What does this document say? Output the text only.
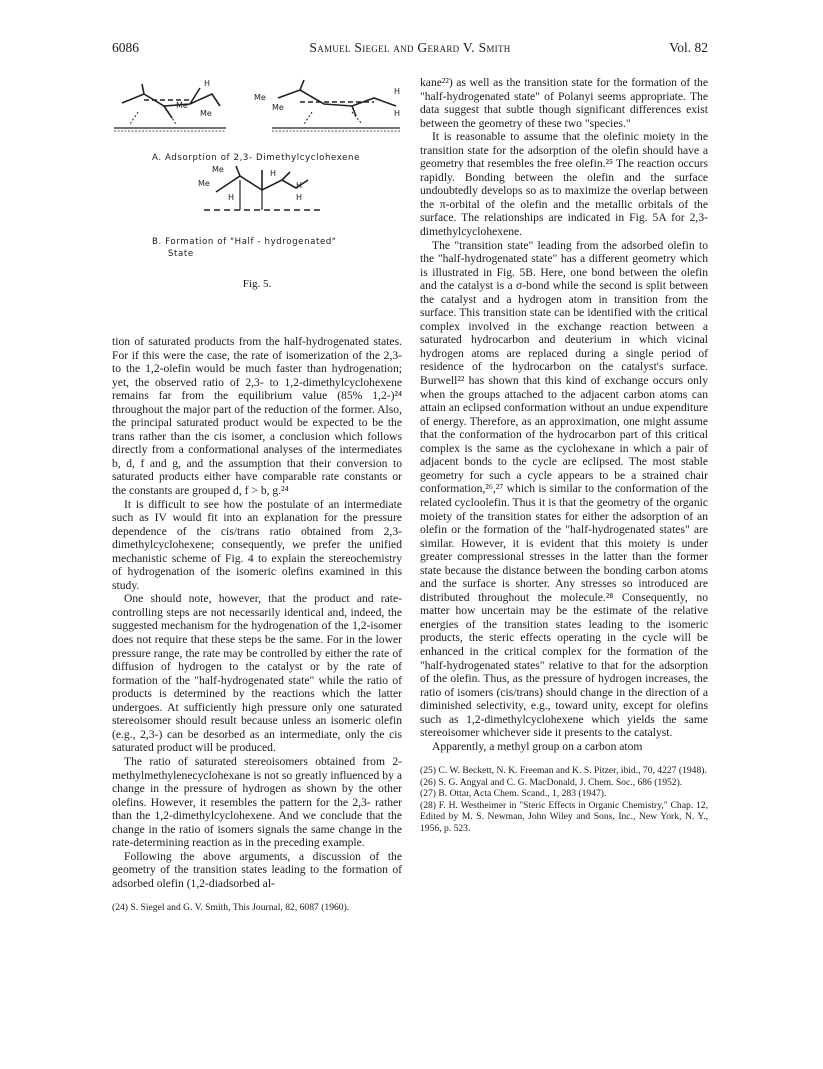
6086	Samuel Siegel and Gerard V. Smith	Vol. 82
H
Me
Me
Me
Me
H
H
Me
Me
H
H
H
H
A. Adsorption of 2,3- Dimethylcyclohexene
B. Formation of "Half - hydrogenated"
State
Fig. 5.

tion of saturated products from the half-hydrogenated states. For if this were the case, the rate of isomerization of the 2,3- to the 1,2-olefin would be much faster than hydrogenation; yet, the observed ratio of 2,3- to 1,2-dimethylcyclohexene remains far from the equilibrium value (85% 1,2-)²⁴ throughout the major part of the reduction of the former. Also, the principal saturated product would be expected to be the trans rather than the cis isomer, a conclusion which follows directly from a conformational analyses of the intermediates b, d, f and g, and the assumption that their conversion to saturated products either have comparable rate constants or the constants are grouped d, f > b, g.²⁴

It is difficult to see how the postulate of an intermediate such as IV would fit into an explanation for the pressure dependence of the cis/trans ratio obtained from 2,3-dimethylcyclohexene; consequently, we prefer the unified mechanistic scheme of Fig. 4 to explain the stereochemistry of hydrogenation of the isomeric olefins examined in this study.

One should note, however, that the product and rate-controlling steps are not necessarily identical and, indeed, the suggested mechanism for the hydrogenation of the 1,2-isomer does not require that these steps be the same. For in the lower pressure range, the rate may be controlled by either the rate of diffusion of hydrogen to the catalyst or by the rate of formation of the "half-hydrogenated state" while the ratio of products is determined by the reactions which the latter undergoes. At sufficiently high pressure only one saturated stereoisomer should result because unless an isomeric olefin (e.g., 2,3-) can be desorbed as an intermediate, only the cis saturated product will be produced.

The ratio of saturated stereoisomers obtained from 2-methylmethylenecyclohexane is not so greatly influenced by a change in the pressure of hydrogen as shown by the other olefins. However, it resembles the pattern for the 2,3- rather than the 1,2-dimethylcyclohexene. And we conclude that the change in the ratio of isomers signals the same change in the rate-determining reaction as in the preceding example.

Following the above arguments, a discussion of the geometry of the transition states leading to the formation of adsorbed olefin (1,2-diadsorbed al-

(24) S. Siegel and G. V. Smith, This Journal, 82, 6087 (1960).

kane²²) as well as the transition state for the formation of the "half-hydrogenated state" of Polanyi seems appropriate. The data suggest that subtle though significant differences exist between the geometry of these two "species."

It is reasonable to assume that the olefinic moiety in the transition state for the adsorption of the olefin should have a geometry that resembles the free olefin.²⁵ The reaction occurs rapidly. Bonding between the olefin and the surface undoubtedly develops so as to maximize the overlap between the π-orbital of the olefin and the metallic orbitals of the surface. The relationships are indicated in Fig. 5A for 2,3-dimethylcyclohexene.

The "transition state" leading from the adsorbed olefin to the "half-hydrogenated state" has a different geometry which is illustrated in Fig. 5B. Here, one bond between the olefin and the catalyst is a σ-bond while the second is split between the catalyst and a hydrogen atom in transition from the surface. This transition state can be identified with the critical complex involved in the exchange reaction between a saturated hydrocarbon and deuterium in which vicinal hydrogen atoms are replaced during a single period of residence of the hydrocarbon on the catalyst's surface. Burwell²² has shown that this kind of exchange occurs only when the groups attached to the adjacent carbon atoms can attain an eclipsed conformation without an undue expenditure of energy. Therefore, as an approximation, one might assume that the conformation of the hydrocarbon part of this critical complex is the same as the cyclohexane in which a pair of adjacent bonds to the cycle are eclipsed. The most stable geometry for such a cycle appears to be a strained chair conformation,²⁶,²⁷ which is similar to the conformation of the related cycloolefin. Thus it is that the geometry of the organic moiety of the transition states for either the adsorption of an olefin or the formation of the "half-hydrogenated states" are similar. However, it is evident that this moiety is under greater compressional stresses in the latter than the former state because the distance between the bonding carbon atoms and the surface is shorter. Any stresses so introduced are distributed throughout the molecule.²⁸ Consequently, no matter how uncertain may be the estimate of the relative energies of the transition states leading to the isomeric products, the steric effects operating in the cycle will be enhanced in the critical complex for the formation of the "half-hydrogenated states" relative to that for the adsorption of the olefin. Thus, as the pressure of hydrogen increases, the ratio of isomers (cis/trans) should change in the direction of a diminished selectivity, e.g., toward unity, except for olefins such as 1,2-dimethylcyclohexene which yields the same stereoisomer whichever side it presents to the catalyst.

Apparently, a methyl group on a carbon atom

(25) C. W. Beckett, N. K. Freeman and K. S. Pitzer, ibid., 70, 4227 (1948).

(26) S. G. Angyal and C. G. MacDonald, J. Chem. Soc., 686 (1952).

(27) B. Ottar, Acta Chem. Scand., 1, 283 (1947).

(28) F. H. Westheimer in "Steric Effects in Organic Chemistry," Chap. 12, Edited by M. S. Newman, John Wiley and Sons, Inc., New York, N. Y., 1956, p. 523.
